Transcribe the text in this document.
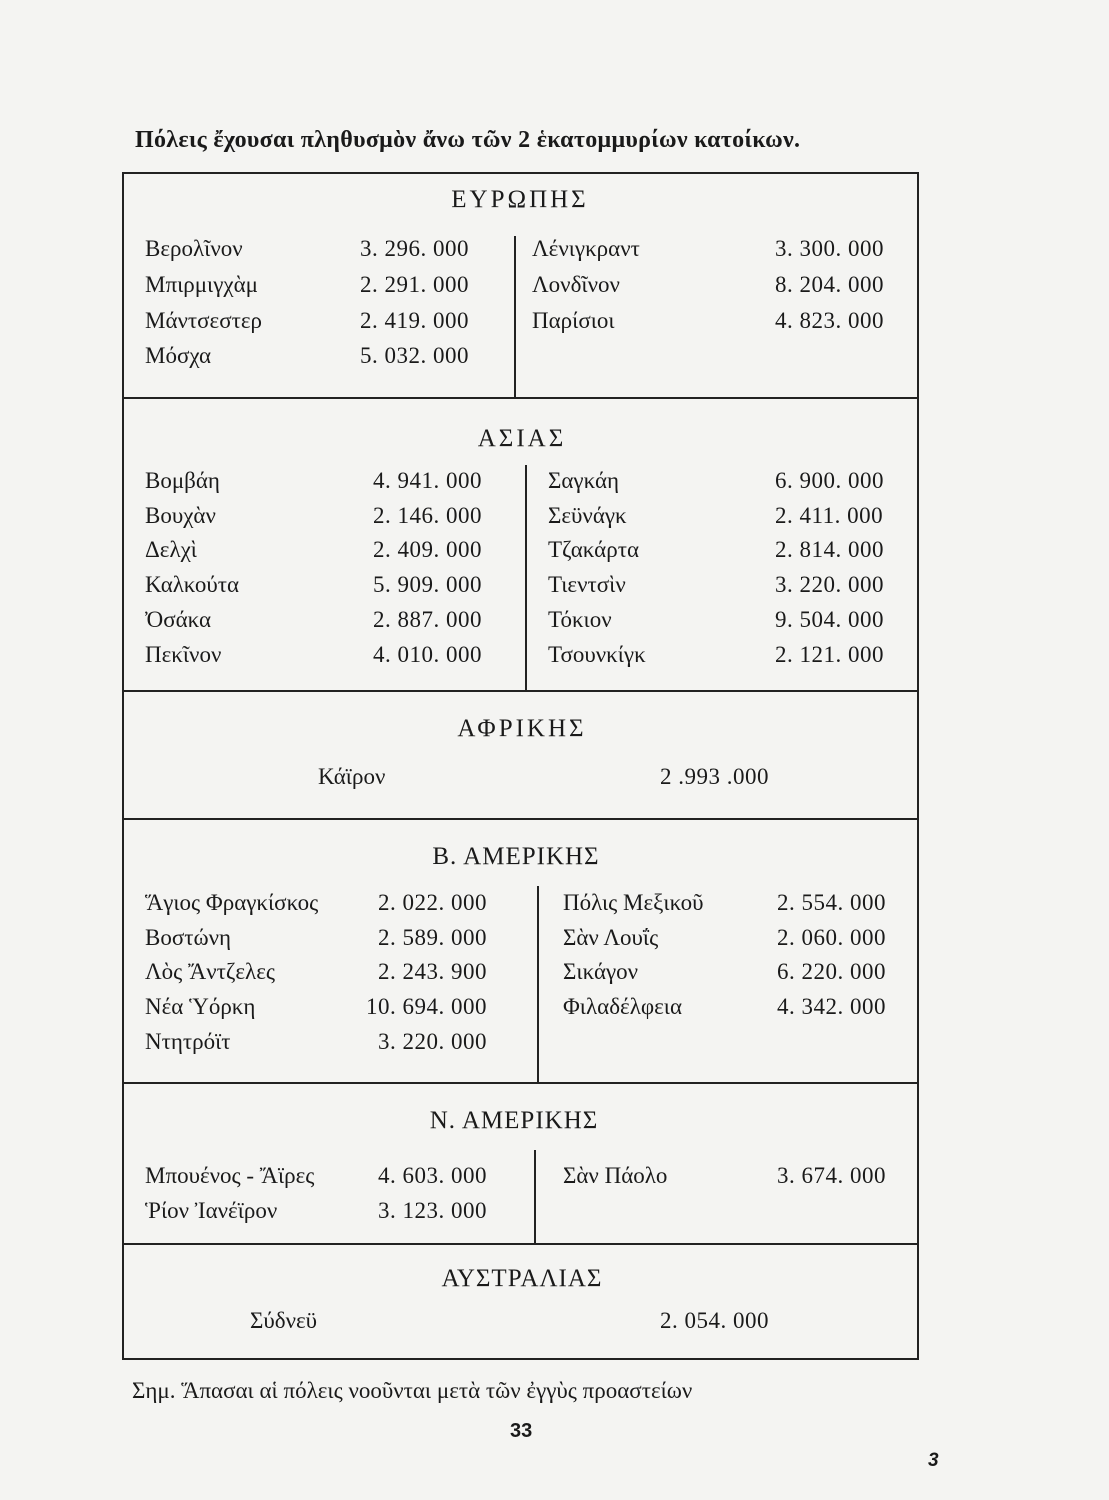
Πόλεις ἔχουσαι πληθυσμὸν ἄνω τῶν 2 ἑκατομμυρίων κατοίκων.
ΕΥΡΩΠΗΣ
Βερολῖνον	3. 296. 000
Μπιρμιγχὰμ	2. 291. 000
Μάντσεστερ	2. 419. 000
Μόσχα	5. 032. 000
Λένιγκραντ	3. 300. 000
Λονδῖνον	8. 204. 000
Παρίσιοι	4. 823. 000
ΑΣΙΑΣ
Βομβάη	4. 941. 000
Βουχὰν	2. 146. 000
Δελχὶ	2. 409. 000
Καλκούτα	5. 909. 000
Ὀσάκα	2. 887. 000
Πεκῖνον	4. 010. 000
Σαγκάη	6. 900. 000
Σεϋνάγκ	2. 411. 000
Τζακάρτα	2. 814. 000
Τιεντσὶν	3. 220. 000
Τόκιον	9. 504. 000
Τσουνκίγκ	2. 121. 000
ΑΦΡΙΚΗΣ
Κάϊρον	2 .993 .000
Β. ΑΜΕΡΙΚΗΣ
Ἅγιος Φραγκίσκος	2. 022. 000
Βοστώνη	2. 589. 000
Λὸς Ἄντζελες	2. 243. 900
Νέα Ὑόρκη	10. 694. 000
Ντητρόϊτ	3. 220. 000
Πόλις Μεξικοῦ	2. 554. 000
Σὰν Λουΐς	2. 060. 000
Σικάγον	6. 220. 000
Φιλαδέλφεια	4. 342. 000
Ν. ΑΜΕΡΙΚΗΣ
Μπουένος - Ἄϊρες	4. 603. 000
Ῥίον Ἰανέϊρον	3. 123. 000
Σὰν Πάολο	3. 674. 000
ΑΥΣΤΡΑΛΙΑΣ
Σύδνεϋ	2. 054. 000
Σημ. Ἅπασαι αἱ πόλεις νοοῦνται μετὰ τῶν ἐγγὺς προαστείων
33
3
